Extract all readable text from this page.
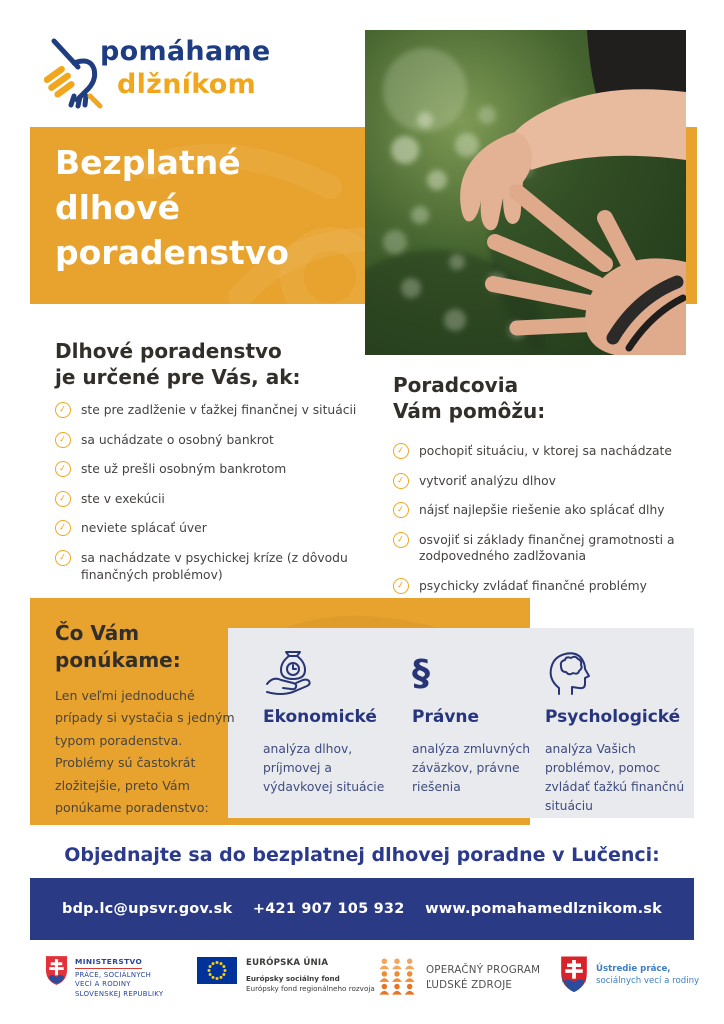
pomáhame
dlžníkom
Bezplatné
dlhové
poradenstvo
Dlhové poradenstvo
je určené pre Vás, ak:
✓
ste pre zadlženie v ťažkej finančnej v situácii
✓
sa uchádzate o osobný bankrot
✓
ste už prešli osobným bankrotom
✓
ste v exekúcii
✓
neviete splácať úver
✓
sa nachádzate v psychickej kríze (z dôvodu finančných problémov)
Poradcovia
Vám pomôžu:
✓
pochopiť situáciu, v ktorej sa nachádzate
✓
vytvoriť analýzu dlhov
✓
nájsť najlepšie riešenie ako splácať dlhy
✓
osvojiť si základy finančnej gramotnosti a zodpovedného zadlžovania
✓
psychicky zvládať finančné problémy
Čo Vám
ponúkame:
Len veľmi jednoduché prípady si vystačia s jedným typom poradenstva. Problémy sú častokrát zložitejšie, preto Vám ponúkame poradenstvo:
Ekonomické
analýza dlhov, príjmovej a výdavkovej situácie
§
Právne
analýza zmluvných záväzkov, právne riešenia
Psychologické
analýza Vašich problémov, pomoc zvládať ťažkú finančnú situáciu
Objednajte sa do bezplatnej dlhovej poradne v Lučenci:
bdp.lc@upsvr.gov.sk +421 907 105 932 www.pomahamedlznikom.sk
MINISTERSTVO
PRÁCE, SOCIÁLNYCH
VECÍ A RODINY
SLOVENSKEJ REPUBLIKY
EURÓPSKA ÚNIA
Európsky sociálny fond
Európsky fond regionálneho rozvoja
OPERAČNÝ PROGRAM
ĽUDSKÉ ZDROJE
Ústredie práce,
sociálnych vecí a rodiny
